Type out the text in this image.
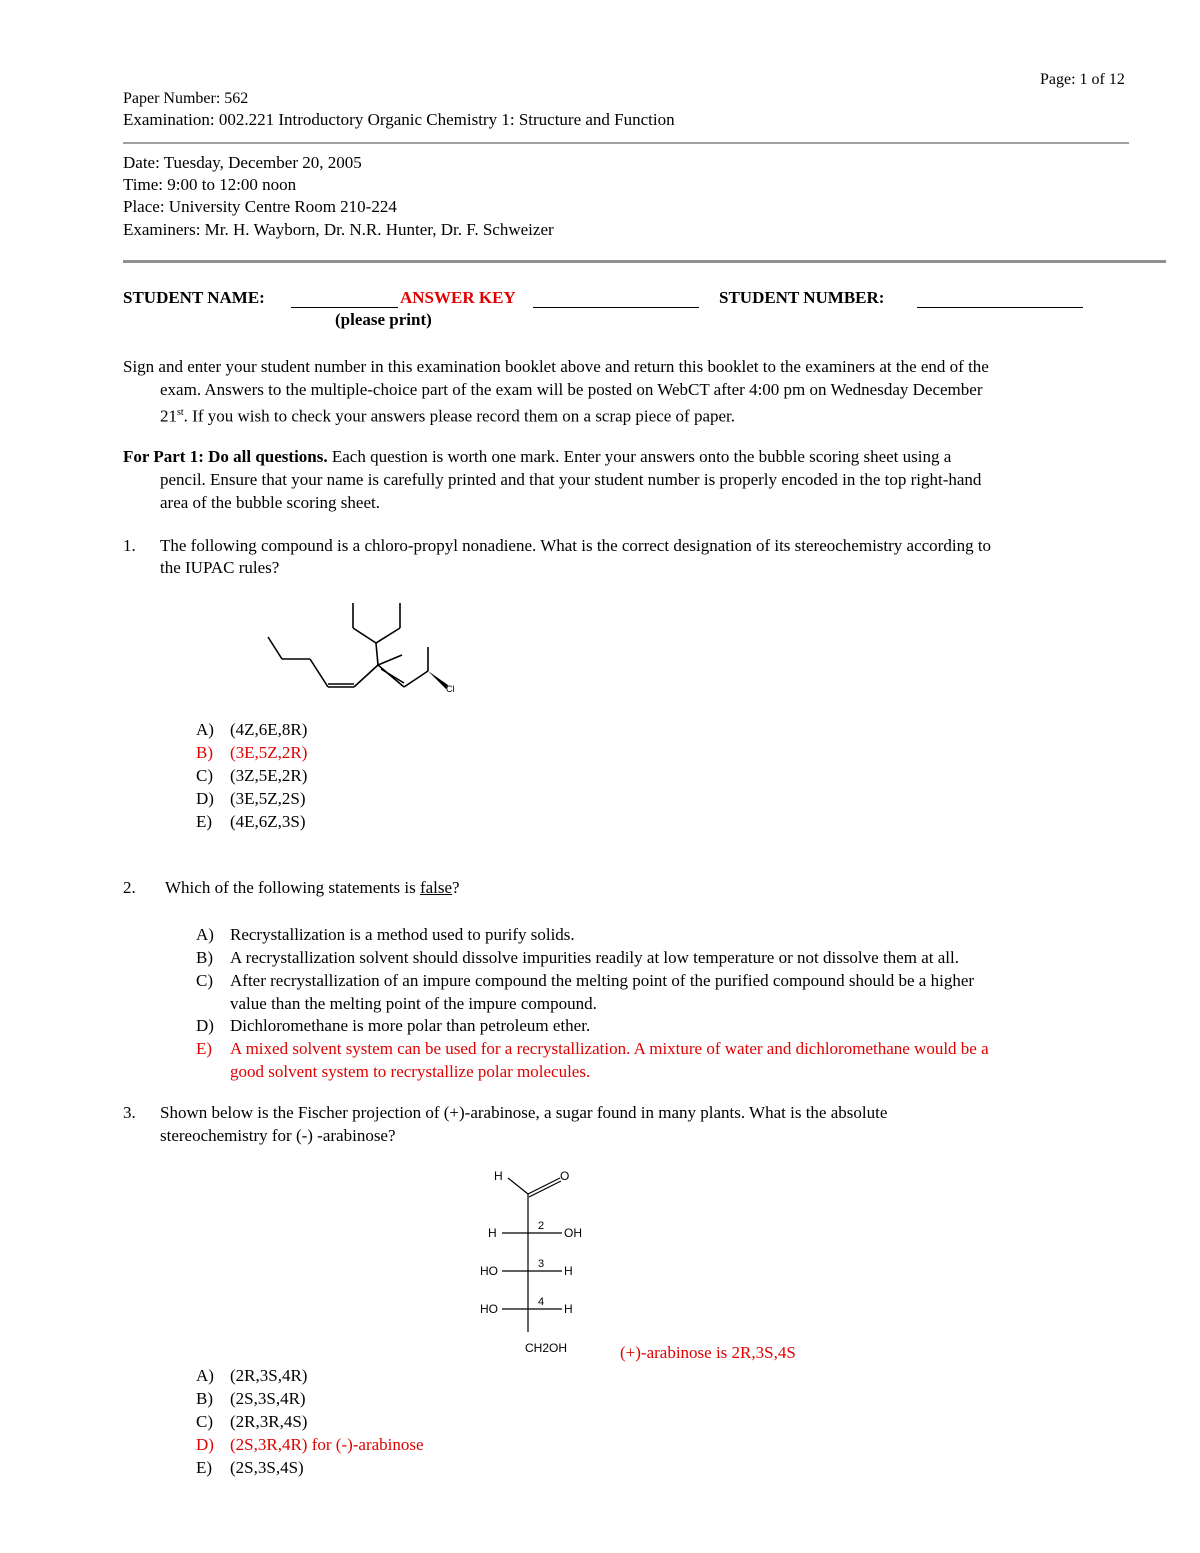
Page: 1 of 12
Paper Number: 562
Examination: 002.221 Introductory Organic Chemistry 1: Structure and Function
Date: Tuesday, December 20, 2005
Time: 9:00 to 12:00 noon
Place: University Centre Room 210-224
Examiners: Mr. H. Wayborn, Dr. N.R. Hunter, Dr. F. Schweizer
STUDENT NAME:	ANSWER KEY
(please print)
STUDENT NUMBER:
Sign and enter your student number in this examination booklet above and return this booklet to the examiners at the end of the
exam. Answers to the multiple-choice part of the exam will be posted on WebCT after 4:00 pm on Wednesday December
21st. If you wish to check your answers please record them on a scrap piece of paper.
For Part 1: Do all questions. Each question is worth one mark. Enter your answers onto the bubble scoring sheet using a
pencil. Ensure that your name is carefully printed and that your student number is properly encoded in the top right-hand
area of the bubble scoring sheet.
1. The following compound is a chloro-propyl nonadiene. What is the correct designation of its stereochemistry according to
the IUPAC rules?
Cl
A) (4Z,6E,8R)
B) (3E,5Z,2R)
C) (3Z,5E,2R)
D) (3E,5Z,2S)
E) (4E,6Z,3S)
2. Which of the following statements is false?
A) Recrystallization is a method used to purify solids.
B) A recrystallization solvent should dissolve impurities readily at low temperature or not dissolve them at all.
C)	After recrystallization of an impure compound the melting point of the purified compound should be a higher
value than the melting point of the impure compound.
D) Dichloromethane is more polar than petroleum ether.
E)	A mixed solvent system can be used for a recrystallization. A mixture of water and dichloromethane would be a
good solvent system to recrystallize polar molecules.
3. Shown below is the Fischer projection of (+)-arabinose, a sugar found in many plants. What is the absolute
stereochemistry for (-) -arabinose?
H	O
2
3
4
H	OH
HO	H
HO	H
CH2OH	(+)-arabinose is 2R,3S,4S
A) (2R,3S,4R)
B) (2S,3S,4R)
C) (2R,3R,4S)
D) (2S,3R,4R) for (-)-arabinose
E) (2S,3S,4S)
